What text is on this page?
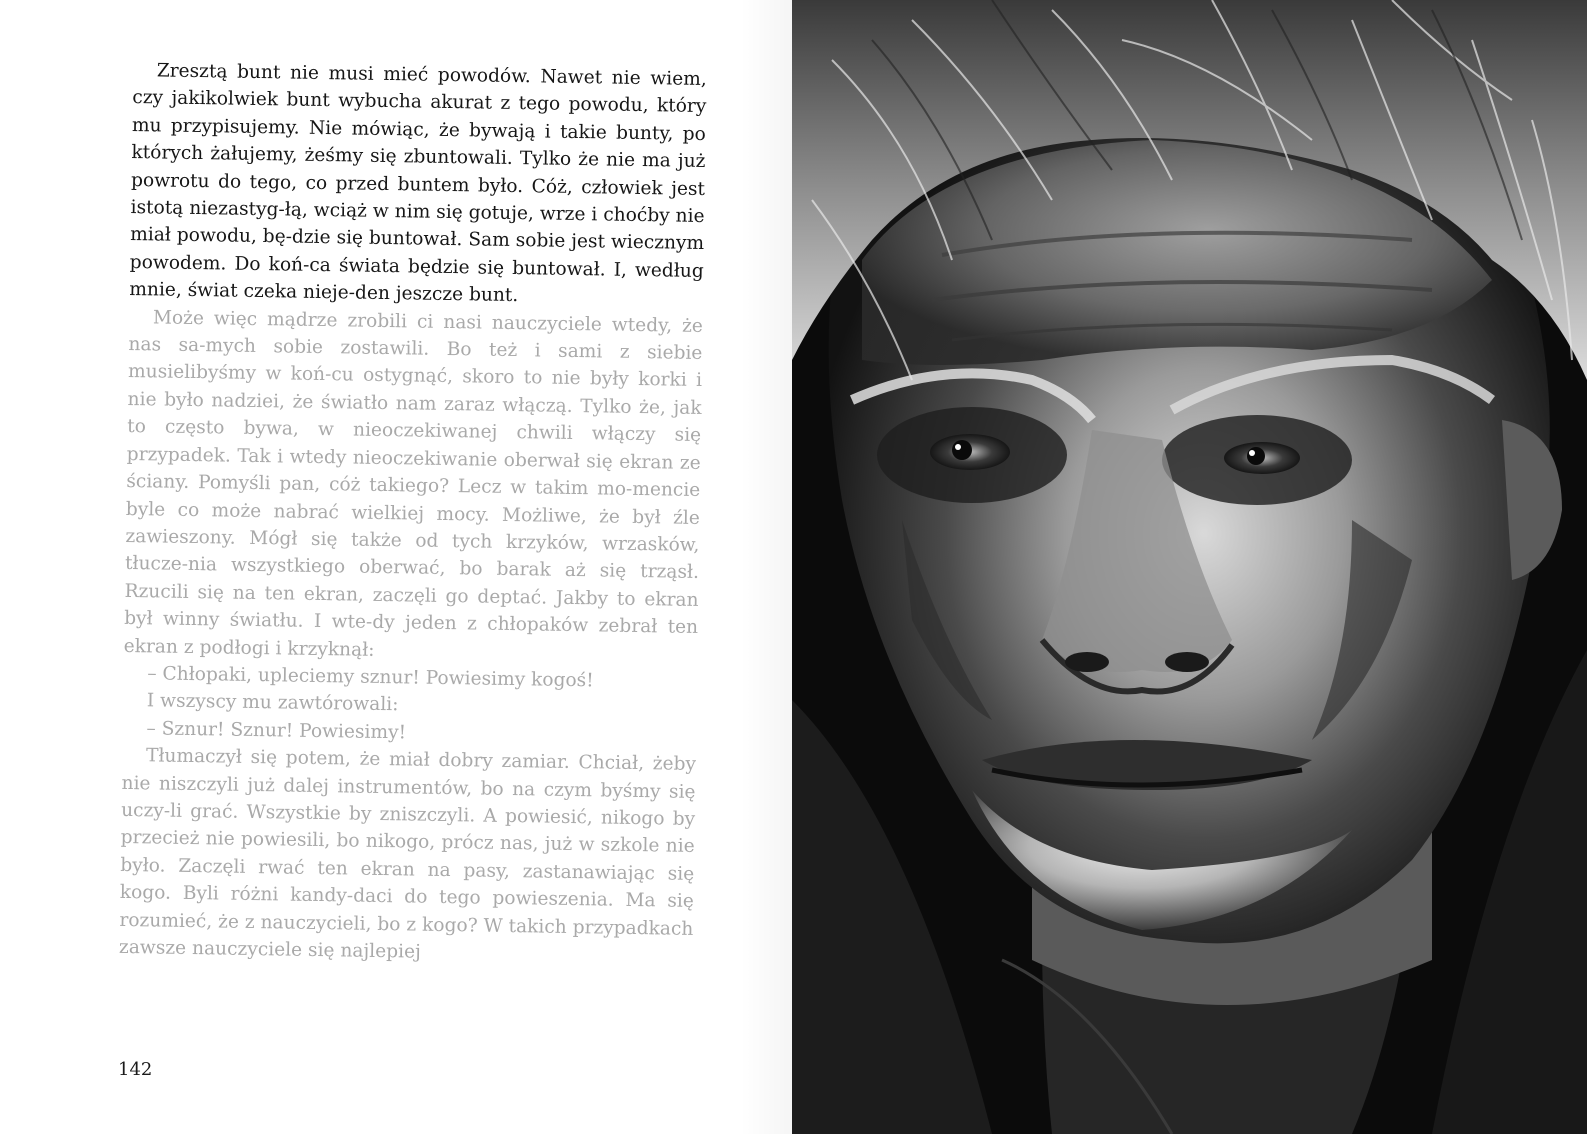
Zresztą bunt nie musi mieć powodów. Nawet nie wiem, czy jakikolwiek bunt wybucha akurat z tego powodu, który mu przypisujemy. Nie mówiąc, że bywają i takie bunty, po których żałujemy, żeśmy się zbuntowali. Tylko że nie ma już powrotu do tego, co przed buntem było. Cóż, człowiek jest istotą niezastyg-łą, wciąż w nim się gotuje, wrze i choćby nie miał powodu, bę-dzie się buntował. Sam sobie jest wiecznym powodem. Do koń-ca świata będzie się buntował. I, według mnie, świat czeka nieje-den jeszcze bunt.

Może więc mądrze zrobili ci nasi nauczyciele wtedy, że nas sa-mych sobie zostawili. Bo też i sami z siebie musielibyśmy w koń-cu ostygnąć, skoro to nie były korki i nie było nadziei, że światło nam zaraz włączą. Tylko że, jak to często bywa, w nieoczekiwanej chwili włączy się przypadek. Tak i wtedy nieoczekiwanie oberwał się ekran ze ściany. Pomyśli pan, cóż takiego? Lecz w takim mo-mencie byle co może nabrać wielkiej mocy. Możliwe, że był źle zawieszony. Mógł się także od tych krzyków, wrzasków, tłucze-nia wszystkiego oberwać, bo barak aż się trząsł. Rzucili się na ten ekran, zaczęli go deptać. Jakby to ekran był winny światłu. I wte-dy jeden z chłopaków zebrał ten ekran z podłogi i krzyknął:

– Chłopaki, upleciemy sznur! Powiesimy kogoś!

I wszyscy mu zawtórowali:

– Sznur! Sznur! Powiesimy!

Tłumaczył się potem, że miał dobry zamiar. Chciał, żeby nie niszczyli już dalej instrumentów, bo na czym byśmy się uczy-li grać. Wszystkie by zniszczyli. A powiesić, nikogo by przecież nie powiesili, bo nikogo, prócz nas, już w szkole nie było. Zaczęli rwać ten ekran na pasy, zastanawiając się kogo. Byli różni kandy-daci do tego powieszenia. Ma się rozumieć, że z nauczycieli, bo z kogo? W takich przypadkach zawsze nauczyciele się najlepiej

142
